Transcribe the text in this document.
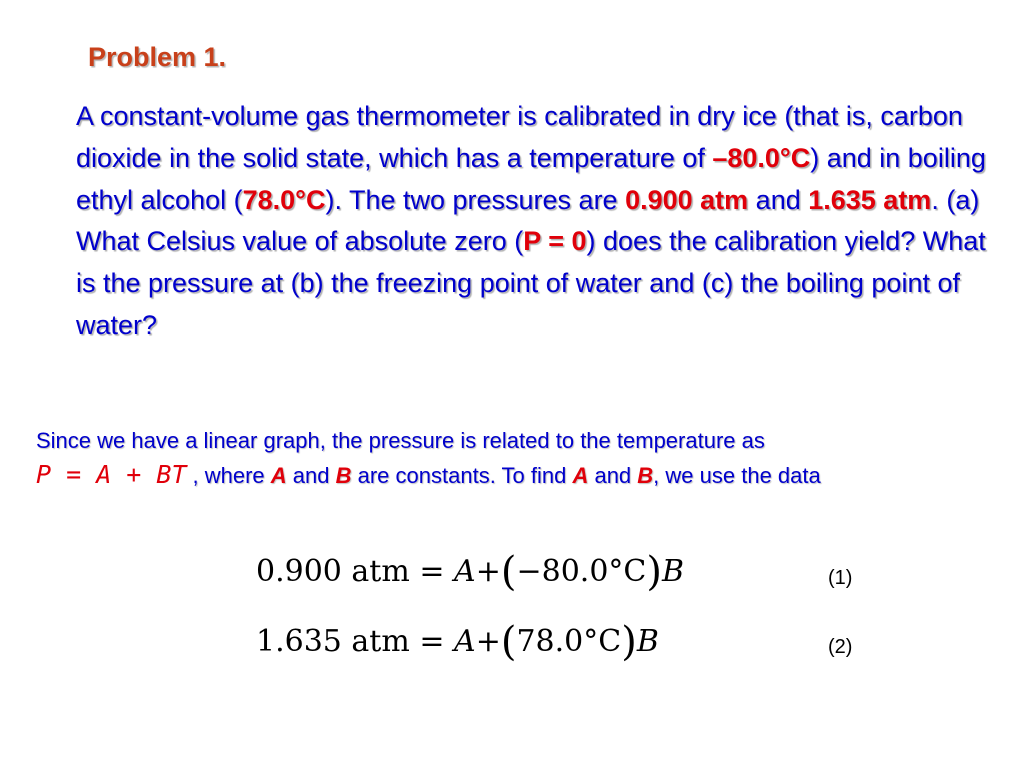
Problem 1.

A constant-volume gas thermometer is calibrated in dry ice (that is, carbon dioxide in the solid state, which has a temperature of –80.0°C) and in boiling ethyl alcohol (78.0°C). The two pressures are 0.900 atm and 1.635 atm. (a) What Celsius value of absolute zero (P = 0) does the calibration yield? What is the pressure at (b) the freezing point of water and (c) the boiling point of water?

Since we have a linear graph, the pressure is related to the temperature as

P = A + BT , where A and B are constants. To find A and B, we use the data

0.900 atm = A+(−80.0°C)B	(1)
1.635 atm = A+(78.0°C)B	(2)
